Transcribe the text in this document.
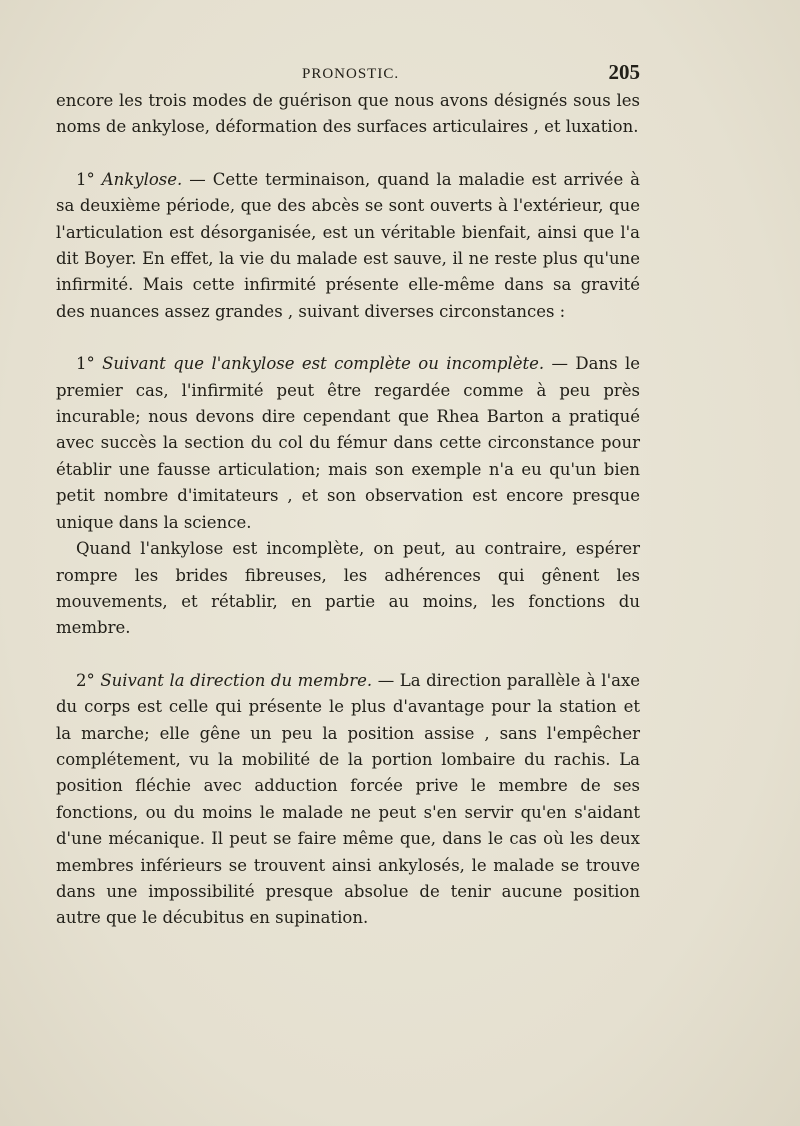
PRONOSTIC.	205

encore les trois modes de guérison que nous avons désignés sous les noms de ankylose, déformation des surfaces articulaires , et luxation.

1° Ankylose. — Cette terminaison, quand la maladie est arrivée à sa deuxième période, que des abcès se sont ouverts à l'extérieur, que l'articulation est désorganisée, est un véritable bienfait, ainsi que l'a dit Boyer. En effet, la vie du malade est sauve, il ne reste plus qu'une infirmité. Mais cette infirmité présente elle-même dans sa gravité des nuances assez grandes , suivant diverses circonstances :

1° Suivant que l'ankylose est complète ou incomplète. — Dans le premier cas, l'infirmité peut être regardée comme à peu près incurable; nous devons dire cependant que Rhea Barton a pratiqué avec succès la section du col du fémur dans cette circonstance pour établir une fausse articulation; mais son exemple n'a eu qu'un bien petit nombre d'imitateurs , et son observation est encore presque unique dans la science.

Quand l'ankylose est incomplète, on peut, au contraire, espérer rompre les brides fibreuses, les adhérences qui gênent les mouvements, et rétablir, en partie au moins, les fonctions du membre.

2° Suivant la direction du membre. — La direction parallèle à l'axe du corps est celle qui présente le plus d'avantage pour la station et la marche; elle gêne un peu la position assise , sans l'empêcher complétement, vu la mobilité de la portion lombaire du rachis. La position fléchie avec adduction forcée prive le membre de ses fonctions, ou du moins le malade ne peut s'en servir qu'en s'aidant d'une mécanique. Il peut se faire même que, dans le cas où les deux membres inférieurs se trouvent ainsi ankylosés, le malade se trouve dans une impossibilité presque absolue de tenir aucune position autre que le décubitus en supination.
